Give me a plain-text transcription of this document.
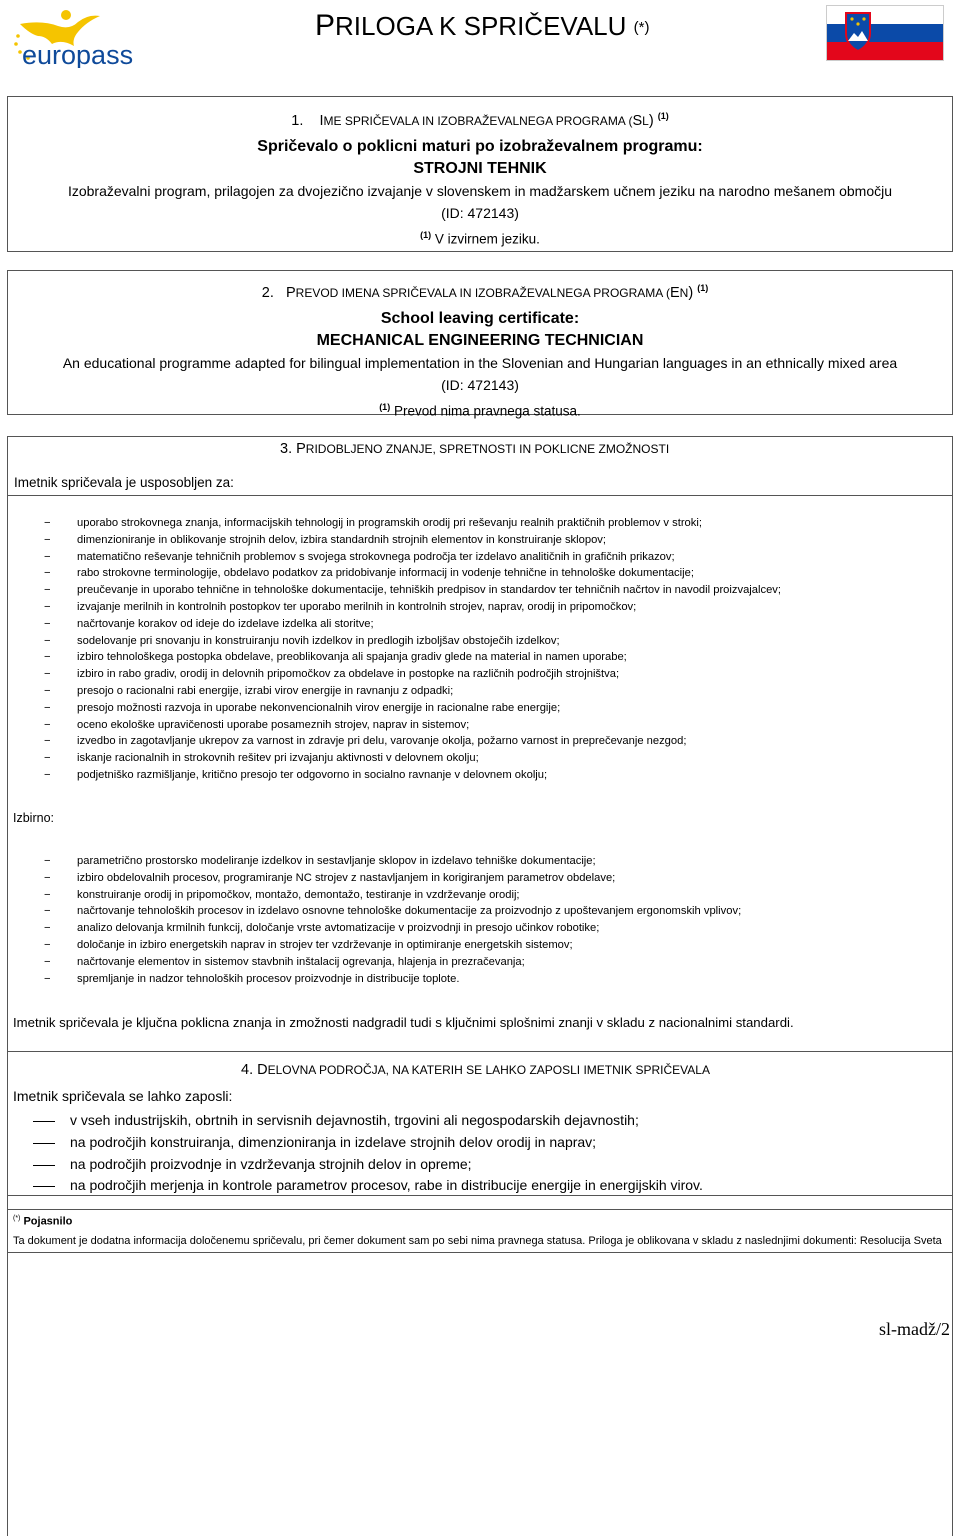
europass
PRILOGA K SPRIČEVALU (*)
1. IME SPRIČEVALA IN IZOBRAŽEVALNEGA PROGRAMA (SL) $^{(1)}$
Spričevalo o poklicni maturi po izobraževalnem programu:
STROJNI TEHNIK
Izobraževalni program, prilagojen za dvojezično izvajanje v slovenskem in madžarskem učnem jeziku na narodno mešanem območju
(ID: 472143)
$^{(1)}$ V izvirnem jeziku.
2. PREVOD IMENA SPRIČEVALA IN IZOBRAŽEVALNEGA PROGRAMA (EN) $^{(1)}$
School leaving certificate:
MECHANICAL ENGINEERING TECHNICIAN
An educational programme adapted for bilingual implementation in the Slovenian and Hungarian languages in an ethnically mixed area
(ID: 472143)
$^{(1)}$ Prevod nima pravnega statusa.
3. PRIDOBLJENO ZNANJE, SPRETNOSTI IN POKLICNE ZMOŽNOSTI
Imetnik spričevala je usposobljen za:
− uporabo strokovnega znanja, informacijskih tehnologij in programskih orodij pri reševanju realnih praktičnih problemov v stroki;
− dimenzioniranje in oblikovanje strojnih delov, izbira standardnih strojnih elementov in konstruiranje sklopov;
− matematično reševanje tehničnih problemov s svojega strokovnega področja ter izdelavo analitičnih in grafičnih prikazov;
− rabo strokovne terminologije, obdelavo podatkov za pridobivanje informacij in vodenje tehnične in tehnološke dokumentacije;
− preučevanje in uporabo tehnične in tehnološke dokumentacije, tehniških predpisov in standardov ter tehničnih načrtov in navodil proizvajalcev;
− izvajanje merilnih in kontrolnih postopkov ter uporabo merilnih in kontrolnih strojev, naprav, orodij in pripomočkov;
− načrtovanje korakov od ideje do izdelave izdelka ali storitve;
− sodelovanje pri snovanju in konstruiranju novih izdelkov in predlogih izboljšav obstoječih izdelkov;
− izbiro tehnološkega postopka obdelave, preoblikovanja ali spajanja gradiv glede na material in namen uporabe;
− izbiro in rabo gradiv, orodij in delovnih pripomočkov za obdelave in postopke na različnih področjih strojništva;
− presojo o racionalni rabi energije, izrabi virov energije in ravnanju z odpadki;
− presojo možnosti razvoja in uporabe nekonvencionalnih virov energije in racionalne rabe energije;
− oceno ekološke upravičenosti uporabe posameznih strojev, naprav in sistemov;
− izvedbo in zagotavljanje ukrepov za varnost in zdravje pri delu, varovanje okolja, požarno varnost in preprečevanje nezgod;
− iskanje racionalnih in strokovnih rešitev pri izvajanju aktivnosti v delovnem okolju;
− podjetniško razmišljanje, kritično presojo ter odgovorno in socialno ravnanje v delovnem okolju;
Izbirno:
− parametrično prostorsko modeliranje izdelkov in sestavljanje sklopov in izdelavo tehniške dokumentacije;
− izbiro obdelovalnih procesov, programiranje NC strojev z nastavljanjem in korigiranjem parametrov obdelave;
− konstruiranje orodij in pripomočkov, montažo, demontažo, testiranje in vzdrževanje orodij;
− načrtovanje tehnoloških procesov in izdelavo osnovne tehnološke dokumentacije za proizvodnjo z upoštevanjem ergonomskih vplivov;
− analizo delovanja krmilnih funkcij, določanje vrste avtomatizacije v proizvodnji in presojo učinkov robotike;
− določanje in izbiro energetskih naprav in strojev ter vzdrževanje in optimiranje energetskih sistemov;
− načrtovanje elementov in sistemov stavbnih inštalacij ogrevanja, hlajenja in prezračevanja;
− spremljanje in nadzor tehnoloških procesov proizvodnje in distribucije toplote.
Imetnik spričevala je ključna poklicna znanja in zmožnosti nadgradil tudi s ključnimi splošnimi znanji v skladu z nacionalnimi standardi.
4. DELOVNA PODROČJA, NA KATERIH SE LAHKO ZAPOSLI IMETNIK SPRIČEVALA
Imetnik spričevala se lahko zaposli:
v vseh industrijskih, obrtnih in servisnih dejavnostih, trgovini ali negospodarskih dejavnostih;
na področjih konstruiranja, dimenzioniranja in izdelave strojnih delov orodij in naprav;
na področjih proizvodnje in vzdrževanja strojnih delov in opreme;
na področjih merjenja in kontrole parametrov procesov, rabe in distribucije energije in energijskih virov.
(*) Pojasnilo
Ta dokument je dodatna informacija določenemu spričevalu, pri čemer dokument sam po sebi nima pravnega statusa. Priloga je oblikovana v skladu z naslednjimi dokumenti: Resolucija Sveta
sl-madž/2
